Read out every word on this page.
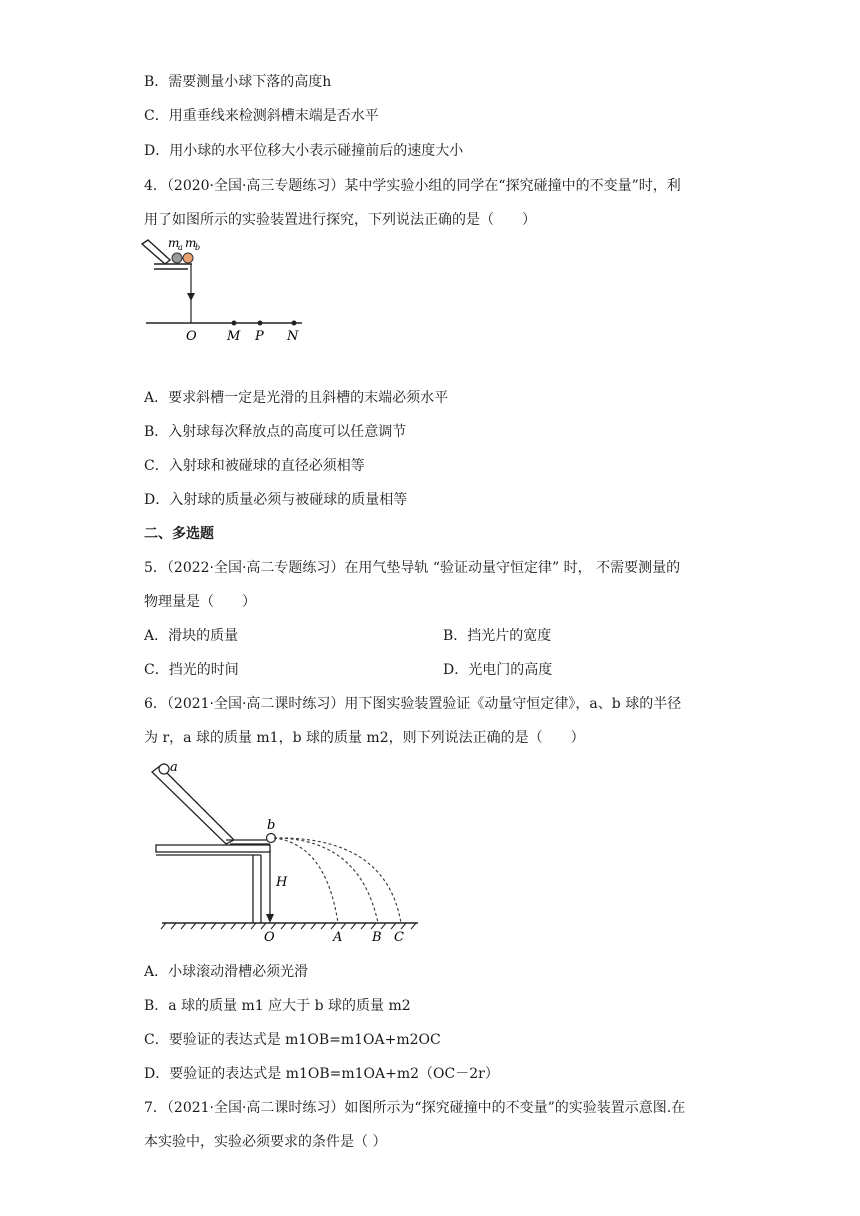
B．需要测量小球下落的高度h
C．用重垂线来检测斜槽末端是否水平
D．用小球的水平位移大小表示碰撞前后的速度大小
4．（2020·全国·高三专题练习）某中学实验小组的同学在“探究碰撞中的不变量”时，利
用了如图所示的实验装置进行探究，下列说法正确的是（　　）
m
a m
b
O M P N
A．要求斜槽一定是光滑的且斜槽的末端必须水平
B．入射球每次释放点的高度可以任意调节
C．入射球和被碰球的直径必须相等
D．入射球的质量必须与被碰球的质量相等
二、多选题
5．（2022·全国·高二专题练习）在用气垫导轨 “验证动量守恒定律” 时， 不需要测量的
物理量是（　　）
A．滑块的质量	B．挡光片的宽度
C．挡光的时间	D．光电门的高度
6．（2021·全国·高二课时练习）用下图实验装置验证《动量守恒定律》，a、b 球的半径
为 r，a 球的质量 m1，b 球的质量 m2，则下列说法正确的是（　　）
a
b
H
O	A B C
A．小球滚动滑槽必须光滑
B．a 球的质量 m1 应大于 b 球的质量 m2
C．要验证的表达式是 m1OB=m1OA+m2OC
D．要验证的表达式是 m1OB=m1OA+m2（OC－2r）
7．（2021·全国·高二课时练习）如图所示为“探究碰撞中的不变量”的实验装置示意图.在
本实验中，实验必须要求的条件是（ ）
